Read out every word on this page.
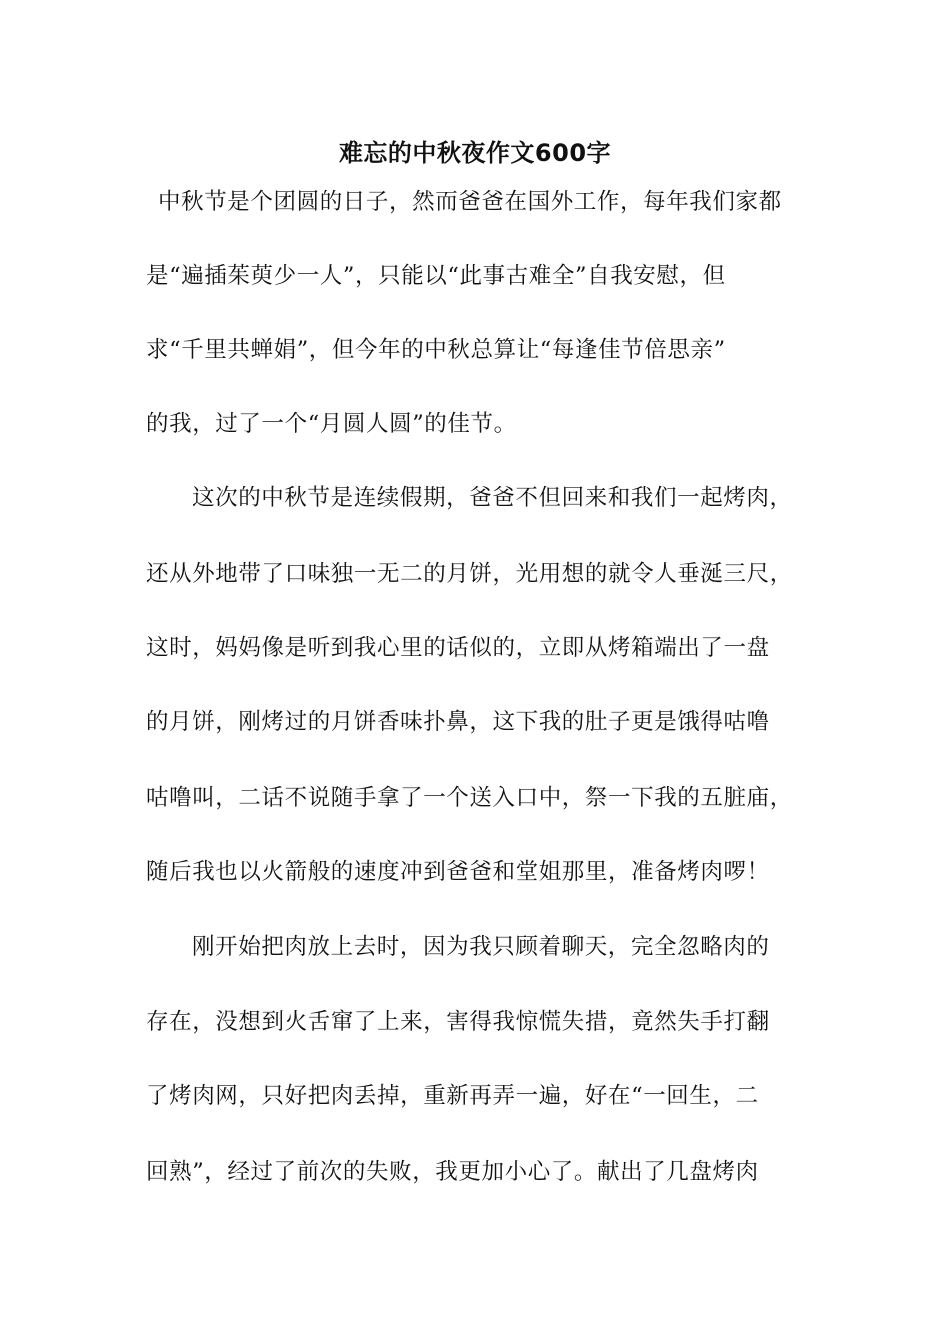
难忘的中秋夜作文600字
中秋节是个团圆的日子，然而爸爸在国外工作，每年我们家都
是“遍插茱萸少一人”，只能以“此事古难全”自我安慰，但
求“千里共蝉娟”，但今年的中秋总算让“每逢佳节倍思亲”
的我，过了一个“月圆人圆”的佳节。
这次的中秋节是连续假期，爸爸不但回来和我们一起烤肉，
还从外地带了口味独一无二的月饼，光用想的就令人垂涎三尺，
这时，妈妈像是听到我心里的话似的，立即从烤箱端出了一盘
的月饼，刚烤过的月饼香味扑鼻，这下我的肚子更是饿得咕噜
咕噜叫，二话不说随手拿了一个送入口中，祭一下我的五脏庙，
随后我也以火箭般的速度冲到爸爸和堂姐那里，准备烤肉啰！
刚开始把肉放上去时，因为我只顾着聊天，完全忽略肉的
存在，没想到火舌窜了上来，害得我惊慌失措，竟然失手打翻
了烤肉网，只好把肉丢掉，重新再弄一遍，好在“一回生，二
回熟”，经过了前次的失败，我更加小心了。献出了几盘烤肉
